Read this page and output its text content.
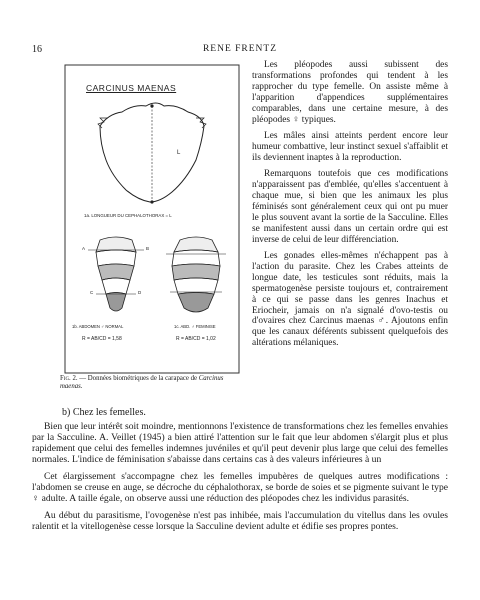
16	RENE FRENTZ
CARCINUS MAENAS
L
1a. LONGUEUR DU CEPHALOTHORAX = L
A	B
C	D
1b. ABDOMEN ♂ NORMAL	1c. ABD. ♂ FEMINISE
R = AB/CD = 1,58	R = AB/CD = 1,02
Fig. 2. — Données biométriques de la carapace de Carcinus maenas.

Les pléopodes aussi subissent des transformations profondes qui tendent à les rapprocher du type femelle. On assiste même à l'apparition d'appendices supplémentaires comparables, dans une certaine mesure, à des pléopodes ♀ typiques.

Les mâles ainsi atteints perdent encore leur humeur combattive, leur instinct sexuel s'affaiblit et ils deviennent inaptes à la reproduction.

Remarquons toutefois que ces modifications n'apparaissent pas d'emblée, qu'elles s'accentuent à chaque mue, si bien que les animaux les plus féminisés sont généralement ceux qui ont pu muer le plus souvent avant la sortie de la Sacculine. Elles se manifestent aussi dans un certain ordre qui est inverse de celui de leur différenciation.

Les gonades elles-mêmes n'échappent pas à l'action du parasite. Chez les Crabes atteints de longue date, les testicules sont réduits, mais la spermatogenèse persiste toujours et, contrairement à ce qui se passe dans les genres Inachus et Eriocheir, jamais on n'a signalé d'ovo-testis ou d'ovaires chez Carcinus maenas ♂. Ajoutons enfin que les canaux déférents subissent quelquefois des altérations mélaniques.

b) Chez les femelles.

Bien que leur intérêt soit moindre, mentionnons l'existence de transformations chez les femelles envahies par la Sacculine. A. Veillet (1945) a bien attiré l'attention sur le fait que leur abdomen s'élargit plus et plus rapidement que celui des femelles indemnes juvéniles et qu'il peut devenir plus large que celui des femelles normales. L'indice de féminisation s'abaisse dans certains cas à des valeurs inférieures à un

Cet élargissement s'accompagne chez les femelles impubères de quelques autres modifications : l'abdomen se creuse en auge, se décroche du céphalothorax, se borde de soies et se pigmente suivant le type ♀ adulte. A taille égale, on observe aussi une réduction des pléopodes chez les individus parasités.

Au début du parasitisme, l'ovogenèse n'est pas inhibée, mais l'accumulation du vitellus dans les ovules ralentit et la vitellogenèse cesse lorsque la Sacculine devient adulte et édifie ses propres pontes.
